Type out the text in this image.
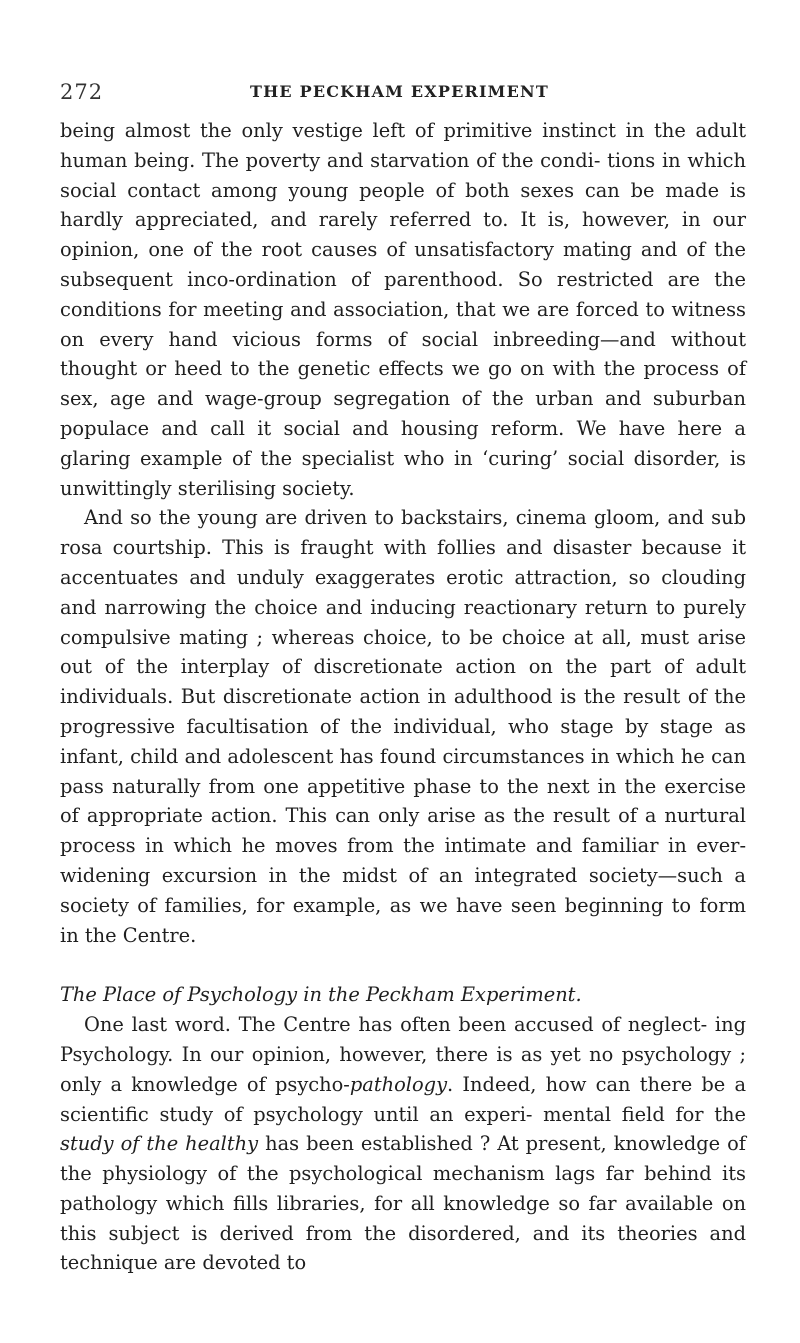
272	THE PECKHAM EXPERIMENT

being almost the only vestige left of primitive instinct in the adult human being. The poverty and starvation of the condi- tions in which social contact among young people of both sexes can be made is hardly appreciated, and rarely referred to. It is, however, in our opinion, one of the root causes of unsatisfactory mating and of the subsequent inco-ordination of parenthood. So restricted are the conditions for meeting and association, that we are forced to witness on every hand vicious forms of social inbreeding—and without thought or heed to the genetic effects we go on with the process of sex, age and wage-group segregation of the urban and suburban populace and call it social and housing reform. We have here a glaring example of the specialist who in ‘curing’ social disorder, is unwittingly sterilising society.

And so the young are driven to backstairs, cinema gloom, and sub rosa courtship. This is fraught with follies and disaster because it accentuates and unduly exaggerates erotic attraction, so clouding and narrowing the choice and inducing reactionary return to purely compulsive mating ; whereas choice, to be choice at all, must arise out of the interplay of discretionate action on the part of adult individuals. But discretionate action in adulthood is the result of the progressive facultisation of the individual, who stage by stage as infant, child and adolescent has found circumstances in which he can pass naturally from one appetitive phase to the next in the exercise of appropriate action. This can only arise as the result of a nurtural process in which he moves from the intimate and familiar in ever-widening excursion in the midst of an integrated society—such a society of families, for example, as we have seen beginning to form in the Centre.

The Place of Psychology in the Peckham Experiment.

One last word. The Centre has often been accused of neglect- ing Psychology. In our opinion, however, there is as yet no psychology ; only a knowledge of psycho-pathology. Indeed, how can there be a scientific study of psychology until an experi- mental field for the study of the healthy has been established ? At present, knowledge of the physiology of the psychological mechanism lags far behind its pathology which fills libraries, for all knowledge so far available on this subject is derived from the disordered, and its theories and technique are devoted to
